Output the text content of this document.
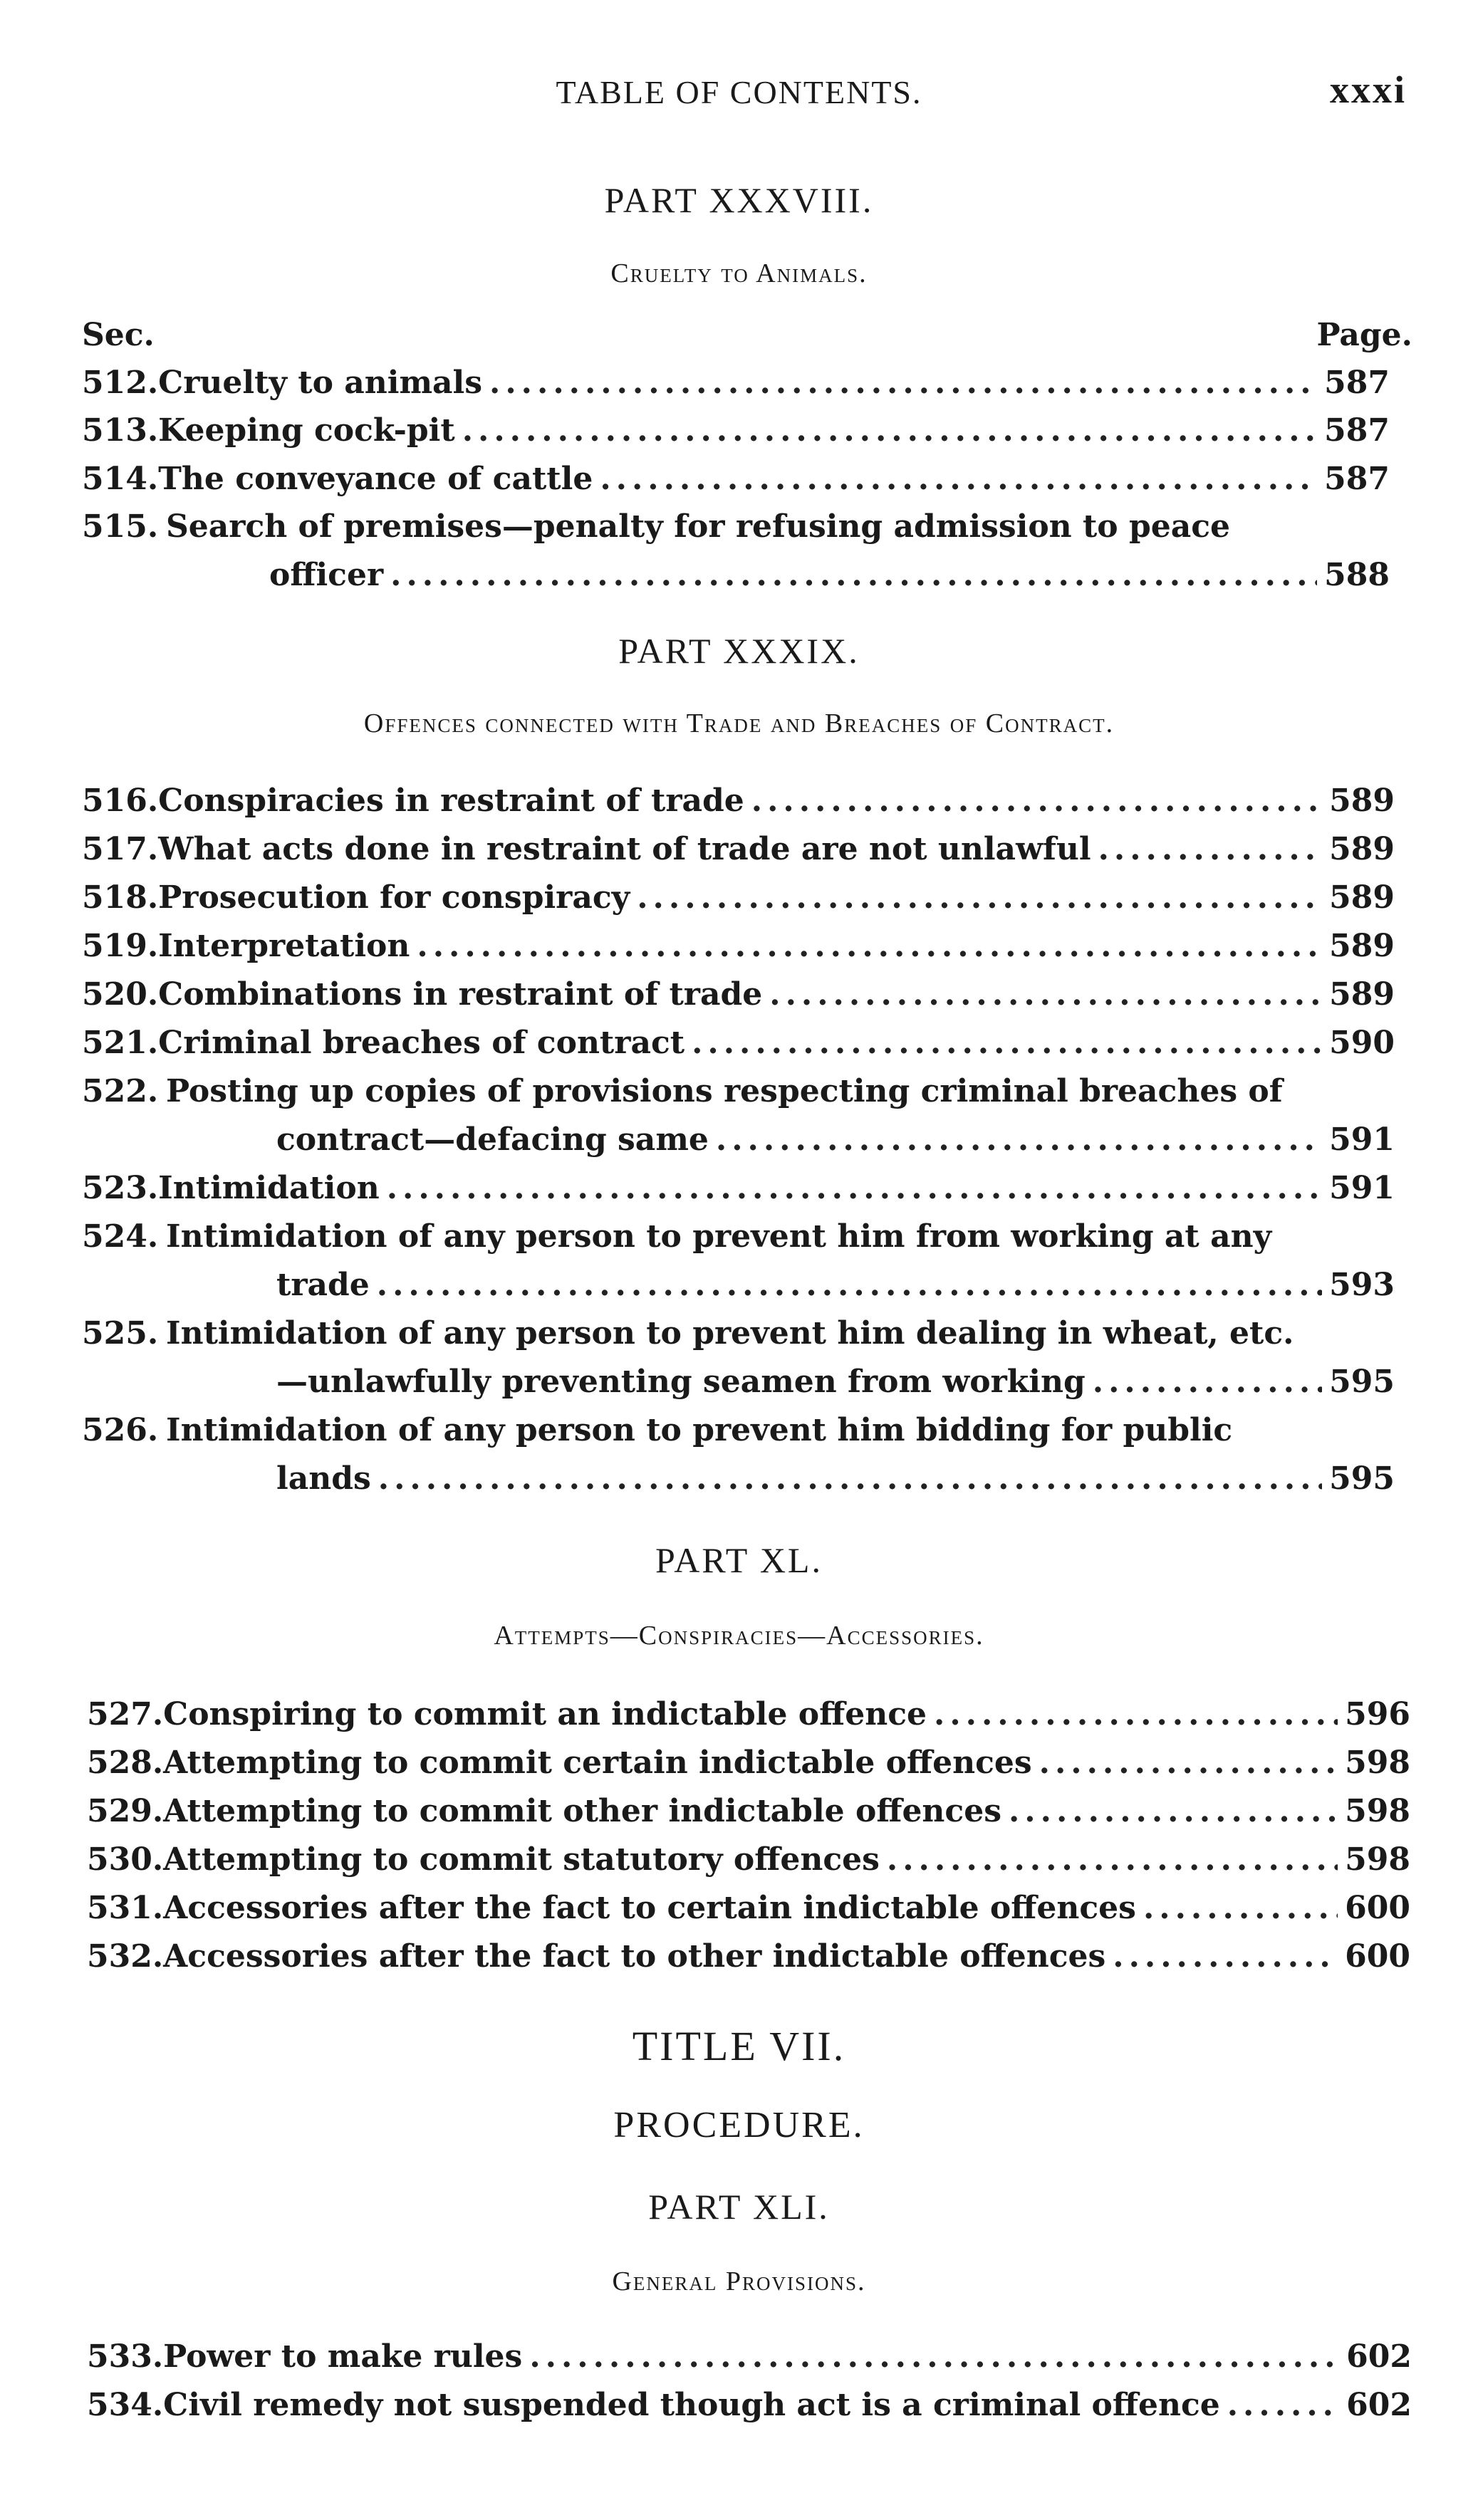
TABLE OF CONTENTS.	xxxi
PART XXXVIII.
Cruelty to Animals.
Sec.	Page.
512. Cruelty to animals .....	587
513. Keeping cock-pit .....	587
514. The conveyance of cattle .....	587
515. Search of premises—penalty for refusing admission to peace
officer .....	588
PART XXXIX.
Offences connected with Trade and Breaches of Contract.
516. Conspiracies in restraint of trade .....	589
517. What acts done in restraint of trade are not unlawful .....	589
518. Prosecution for conspiracy .....	589
519. Interpretation .....	589
520. Combinations in restraint of trade .....	589
521. Criminal breaches of contract .....	590
522. Posting up copies of provisions respecting criminal breaches of
contract—defacing same .....	591
523. Intimidation .....	591
524. Intimidation of any person to prevent him from working at any
trade .....	593
525. Intimidation of any person to prevent him dealing in wheat, etc.
—unlawfully preventing seamen from working .....	595
526. Intimidation of any person to prevent him bidding for public
lands .....	595
PART XL.
Attempts—Conspiracies—Accessories.
527. Conspiring to commit an indictable offence .....	596
528. Attempting to commit certain indictable offences .....	598
529. Attempting to commit other indictable offences .....	598
530. Attempting to commit statutory offences .....	598
531. Accessories after the fact to certain indictable offences .....	600
532. Accessories after the fact to other indictable offences .....	600
TITLE VII.
PROCEDURE.
PART XLI.
General Provisions.
533. Power to make rules .....	602
534. Civil remedy not suspended though act is a criminal offence .....	602
